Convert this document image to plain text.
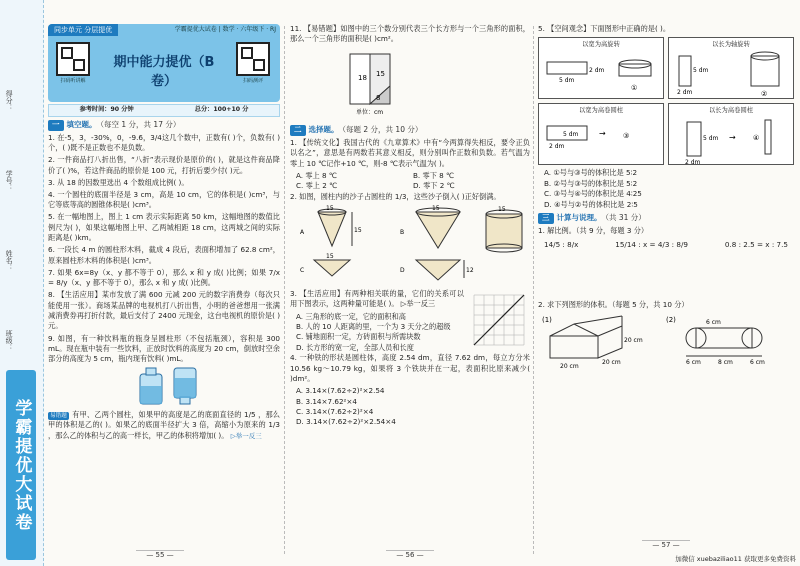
得分：
学号：
姓名：
班级：
学霸提优大试卷
同步单元 分层提优	学霸提优大试卷 | 数学 · 六年级下 · RJ
扫码听讲解
期中能力提优（B 卷）	扫码测评
参考时间：90 分钟	总分：100+10 分
一 填空题。 （每空 1 分，共 17 分）
1. 在-5，3，-30%，0，-9.6，3/4这几个数中，正数有( )个，负数有( )个，( )既不是正数也不是负数。
2. 一件商品打八折出售，“八折”表示现价是原价的( )，就是这件商品降价了( )%，若这件商品的原价是 100 元，打折后要少付( )元。
3. 从 18 的因数里选出 4 个数组成比例( )。
4. 一个圆柱的底面半径是 3 cm，高是 10 cm，它的体积是( )cm³，与它等底等高的圆锥体积是( )cm³。
5. 在一幅地图上，图上 1 cm 表示实际距离 50 km，这幅地图的数值比例尺为( )，如果这幅地图上甲、乙两城相距 18 cm，这两城之间的实际距离是( )km。
6. 一段长 4 m 的圆柱形木料，截成 4 段后，表面积增加了 62.8 cm²，原来圆柱形木料的体积是( )cm³。
7. 如果 6x=8y（x、y 都不等于 0），那么 x 和 y 成( )比例；如果 7/x = 8/y（x、y 都不等于 0），那么 x 和 y 成( )比例。
8. 【生活应用】某市发放了满 600 元减 200 元的数字消费券（每次只能使用一张）。商场某品牌的电视机打八折出售，小明的爸爸想用一张满减消费券再打折付款，最后支付了 2400 元现金，这台电视机的原价是( )元。
9. 如图，有一种饮料瓶的瓶身呈圆柱形（不包括瓶颈），容积是 300 mL。现在瓶中装有一些饮料，正放时饮料的高度为 20 cm，倒放时空余部分的高度为 5 cm，瓶内现有饮料( )mL。
易错题 有甲、乙两个圆柱，如果甲的高度是乙的底面直径的 1/5 ，那么甲的体积是乙的( )。如果乙的底面半径扩大 3 倍，高缩小为原来的 1/3 ，那么乙的体积与乙的高一样长，甲乙的体积将增加( )。 ▷举一反三
11. 【易错题】如图中的三个数分别代表三个长方形与一个三角形的面积，那么一个三角形的面积是( )cm²。
18 15
8
单位：cm
二 选择题。 （每题 2 分，共 10 分）
1. 【传统文化】我国古代的《九章算术》中有“今两算得失相反，要令正负以名之”，意思是有两数若其意义相反，则分别叫作正数和负数。若气温为零上 10 ℃记作+10 ℃，则-8 ℃表示气温为( )。
A. 零上 8 ℃	B. 零下 8 ℃
C. 零上 2 ℃	D. 零下 2 ℃
2. 如图，圆柱内的沙子占圆柱的 1/3，这些沙子倒入( )正好倒满。
15
15
15	15
15
12
A	B
C	D
3. 【生活应用】有两种相关联的量，它们的关系可以用下图表示，这两种量可能是( )。 ▷举一反三
A. 三角形的底一定，它的面积和高
B. 人的 10 人距离的里，一个为 3 天分之的超级
C. 铺地面积一定，方砖面积与所需块数
D. 长方形的宽一定，全部人员和长度
4. 一种铁的形状是圆柱体，高度 2.54 dm，直径 7.62 dm，每立方分米 10.56 kg～10.79 kg，如果将 3 个铁块并在一起，表面积比原来减少( )dm²。
A. 3.14×(7.62÷2)²×2.54
B. 3.14×7.62²×4
C. 3.14×(7.62÷2)²×4
D. 3.14×(7.62÷2)²×2.54×4
5. 【空间观念】下面图形中正确的是( )。
以宽为高旋转
2 dm
5 dm
①
以长为轴旋转
5 dm
2 dm	②
以宽为高卷圆柱
2 dm
5 dm	→ ③
以长为高卷圆柱
5 dm
2 dm
→ ④
A. ①号与③号的体积比是 5∶2
B. ②号与③号的体积比是 5∶2
C. ③号与④号的体积比是 4∶25
D. ④号与②号的体积比是 2∶5
三 计算与说理。 （共 31 分）
1. 解比例。（共 9 分，每题 3 分）
14/5 : 8/x	15/14 : x = 4/3 : 8/9	0.8 : 2.5 = x : 7.5
2. 求下列图形的体积。（每题 5 分，共 10 分）
(1)
20 cm
20 cm
20 cm
(2)	6 cm
6 cm	6 cm
8 cm
— 55 —	— 56 —
— 57 —
加微信 xuebaziliao11 获取更多免费资料
